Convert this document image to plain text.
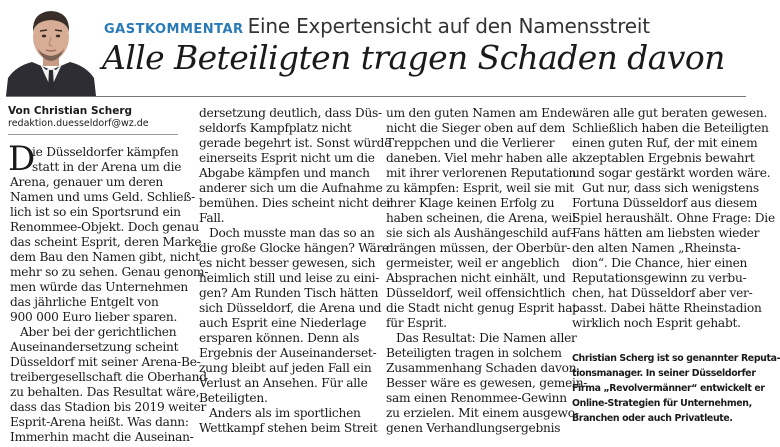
GASTKOMMENTAR Eine Expertensicht auf den Namensstreit
Alle Beteiligten tragen Schaden davon
Von Christian Scherg
redaktion.duesseldorf@wz.de
D

ie Düsseldorfer kämpfen

statt in der Arena um die

Arena, genauer um deren

Namen und ums Geld. Schließ-

lich ist so ein Sportsrund ein

Renommee-Objekt. Doch genau

das scheint Esprit, deren Marke

dem Bau den Namen gibt, nicht

mehr so zu sehen. Genau genom-

men würde das Unternehmen

das jährliche Entgelt von

900 000 Euro lieber sparen.

Aber bei der gerichtlichen

Auseinandersetzung scheint

Düsseldorf mit seiner Arena-Be-

treibergesellschaft die Oberhand

zu behalten. Das Resultat wäre,

dass das Stadion bis 2019 weiter

Esprit-Arena heißt. Was dann:

Immerhin macht die Auseinan-

dersetzung deutlich, dass Düs-

seldorfs Kampfplatz nicht

gerade begehrt ist. Sonst würde

einerseits Esprit nicht um die

Abgabe kämpfen und manch

anderer sich um die Aufnahme

bemühen. Dies scheint nicht der

Fall.

Doch musste man das so an

die große Glocke hängen? Wäre

es nicht besser gewesen, sich

heimlich still und leise zu eini-

gen? Am Runden Tisch hätten

sich Düsseldorf, die Arena und

auch Esprit eine Niederlage

ersparen können. Denn als

Ergebnis der Auseinanderset-

zung bleibt auf jeden Fall ein

Verlust an Ansehen. Für alle

Beteiligten.

Anders als im sportlichen

Wettkampf stehen beim Streit

um den guten Namen am Ende

nicht die Sieger oben auf dem

Treppchen und die Verlierer

daneben. Viel mehr haben alle

mit ihrer verlorenen Reputation

zu kämpfen: Esprit, weil sie mit

ihrer Klage keinen Erfolg zu

haben scheinen, die Arena, weil

sie sich als Aushängeschild auf-

drängen müssen, der Oberbür-

germeister, weil er angeblich

Absprachen nicht einhält, und

Düsseldorf, weil offensichtlich

die Stadt nicht genug Esprit hat

für Esprit.

Das Resultat: Die Namen aller

Beteiligten tragen in solchem

Zusammenhang Schaden davon.

Besser wäre es gewesen, gemein-

sam einen Renommee-Gewinn

zu erzielen. Mit einem ausgewo-

genen Verhandlungsergebnis

wären alle gut beraten gewesen.

Schließlich haben die Beteiligten

einen guten Ruf, der mit einem

akzeptablen Ergebnis bewahrt

und sogar gestärkt worden wäre.

Gut nur, dass sich wenigstens

Fortuna Düsseldorf aus diesem

Spiel heraushält. Ohne Frage: Die

Fans hätten am liebsten wieder

den alten Namen „Rheinsta-

dion“. Die Chance, hier einen

Reputationsgewinn zu verbu-

chen, hat Düsseldorf aber ver-

passt. Dabei hätte Rheinstadion

wirklich noch Esprit gehabt.

Christian Scherg ist so genannter Reputa-

tionsmanager. In seiner Düsseldorfer

Firma „Revolvermänner“ entwickelt er

Online-Strategien für Unternehmen,

Branchen oder auch Privatleute.
